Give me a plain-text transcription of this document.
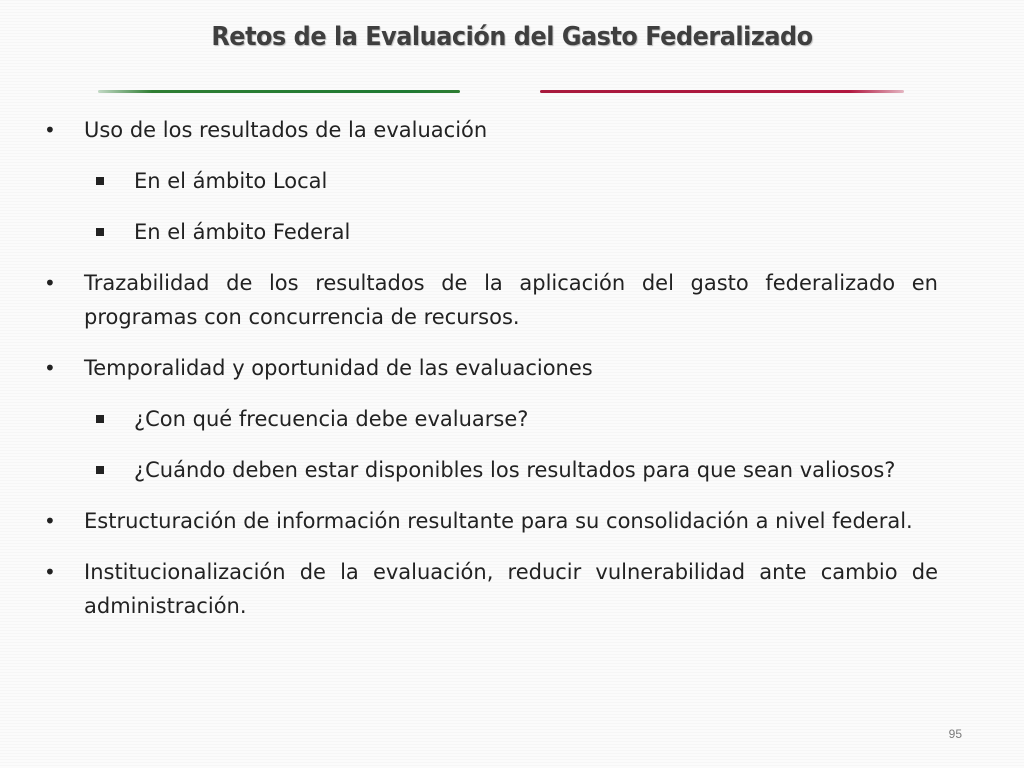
Retos de la Evaluación del Gasto Federalizado
• Uso de los resultados de la evaluación
En el ámbito Local
En el ámbito Federal
• Trazabilidad de los resultados de la aplicación del gasto federalizado en programas con concurrencia de recursos.
• Temporalidad y oportunidad de las evaluaciones
¿Con qué frecuencia debe evaluarse?
¿Cuándo deben estar disponibles los resultados para que sean valiosos?
• Estructuración de información resultante para su consolidación a nivel federal.
• Institucionalización de la evaluación, reducir vulnerabilidad ante cambio de administración.
95
